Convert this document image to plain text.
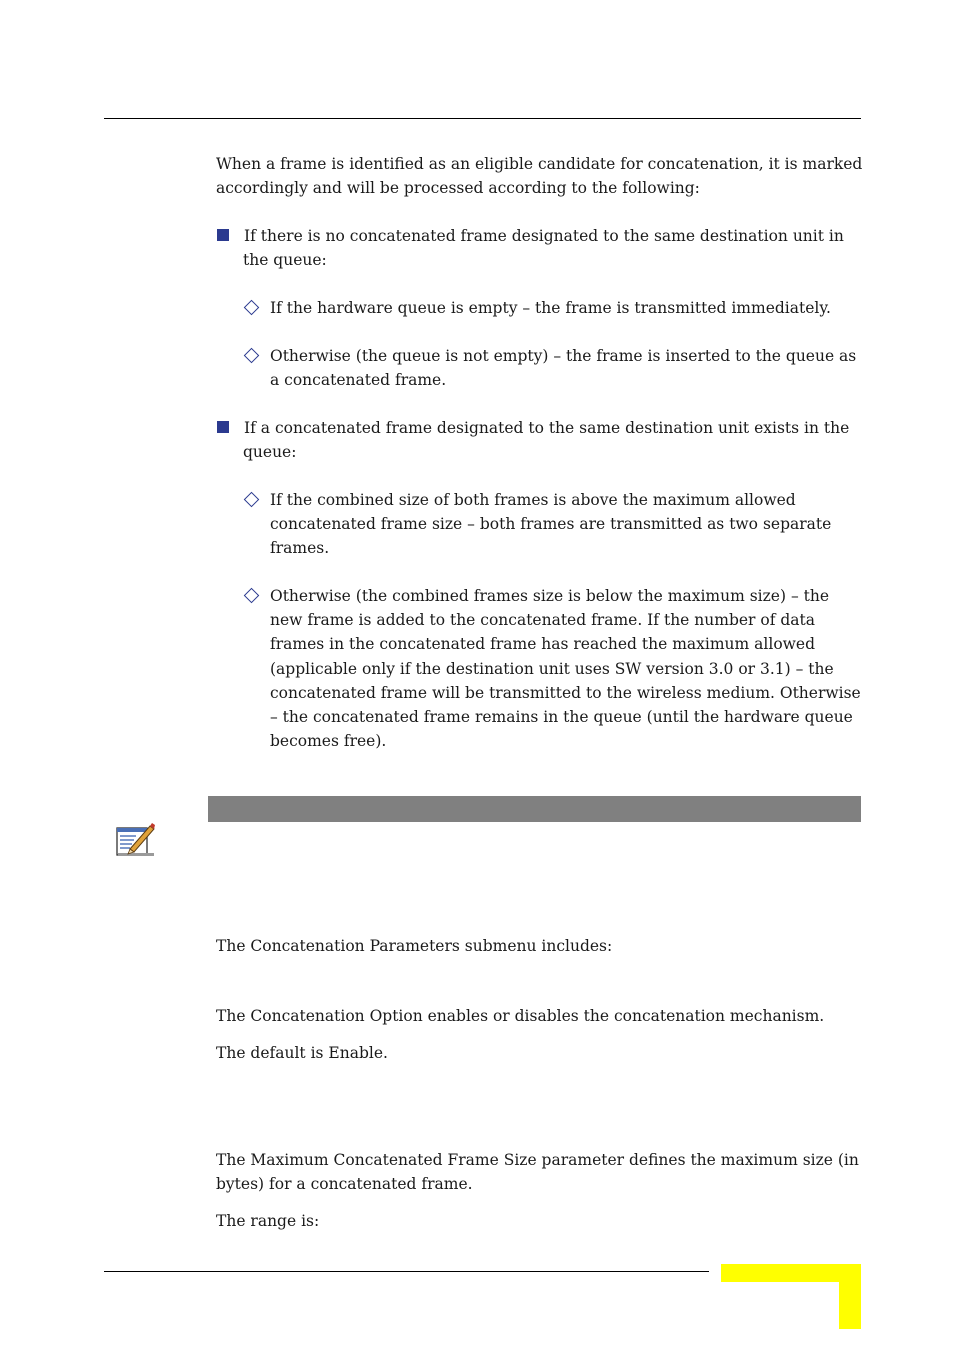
When a frame is identified as an eligible candidate for concatenation, it is marked

accordingly and will be processed according to the following:

If there is no concatenated frame designated to the same destination unit in

the queue:

If the hardware queue is empty – the frame is transmitted immediately.

Otherwise (the queue is not empty) – the frame is inserted to the queue as

a concatenated frame.

If a concatenated frame designated to the same destination unit exists in the

queue:

If the combined size of both frames is above the maximum allowed

concatenated frame size – both frames are transmitted as two separate

frames.

Otherwise (the combined frames size is below the maximum size) – the

new frame is added to the concatenated frame. If the number of data

frames in the concatenated frame has reached the maximum allowed

(applicable only if the destination unit uses SW version 3.0 or 3.1) – the

concatenated frame will be transmitted to the wireless medium. Otherwise

– the concatenated frame remains in the queue (until the hardware queue

becomes free).

The Concatenation Parameters submenu includes:

The Concatenation Option enables or disables the concatenation mechanism.

The default is Enable.

The Maximum Concatenated Frame Size parameter defines the maximum size (in

bytes) for a concatenated frame.

The range is:
